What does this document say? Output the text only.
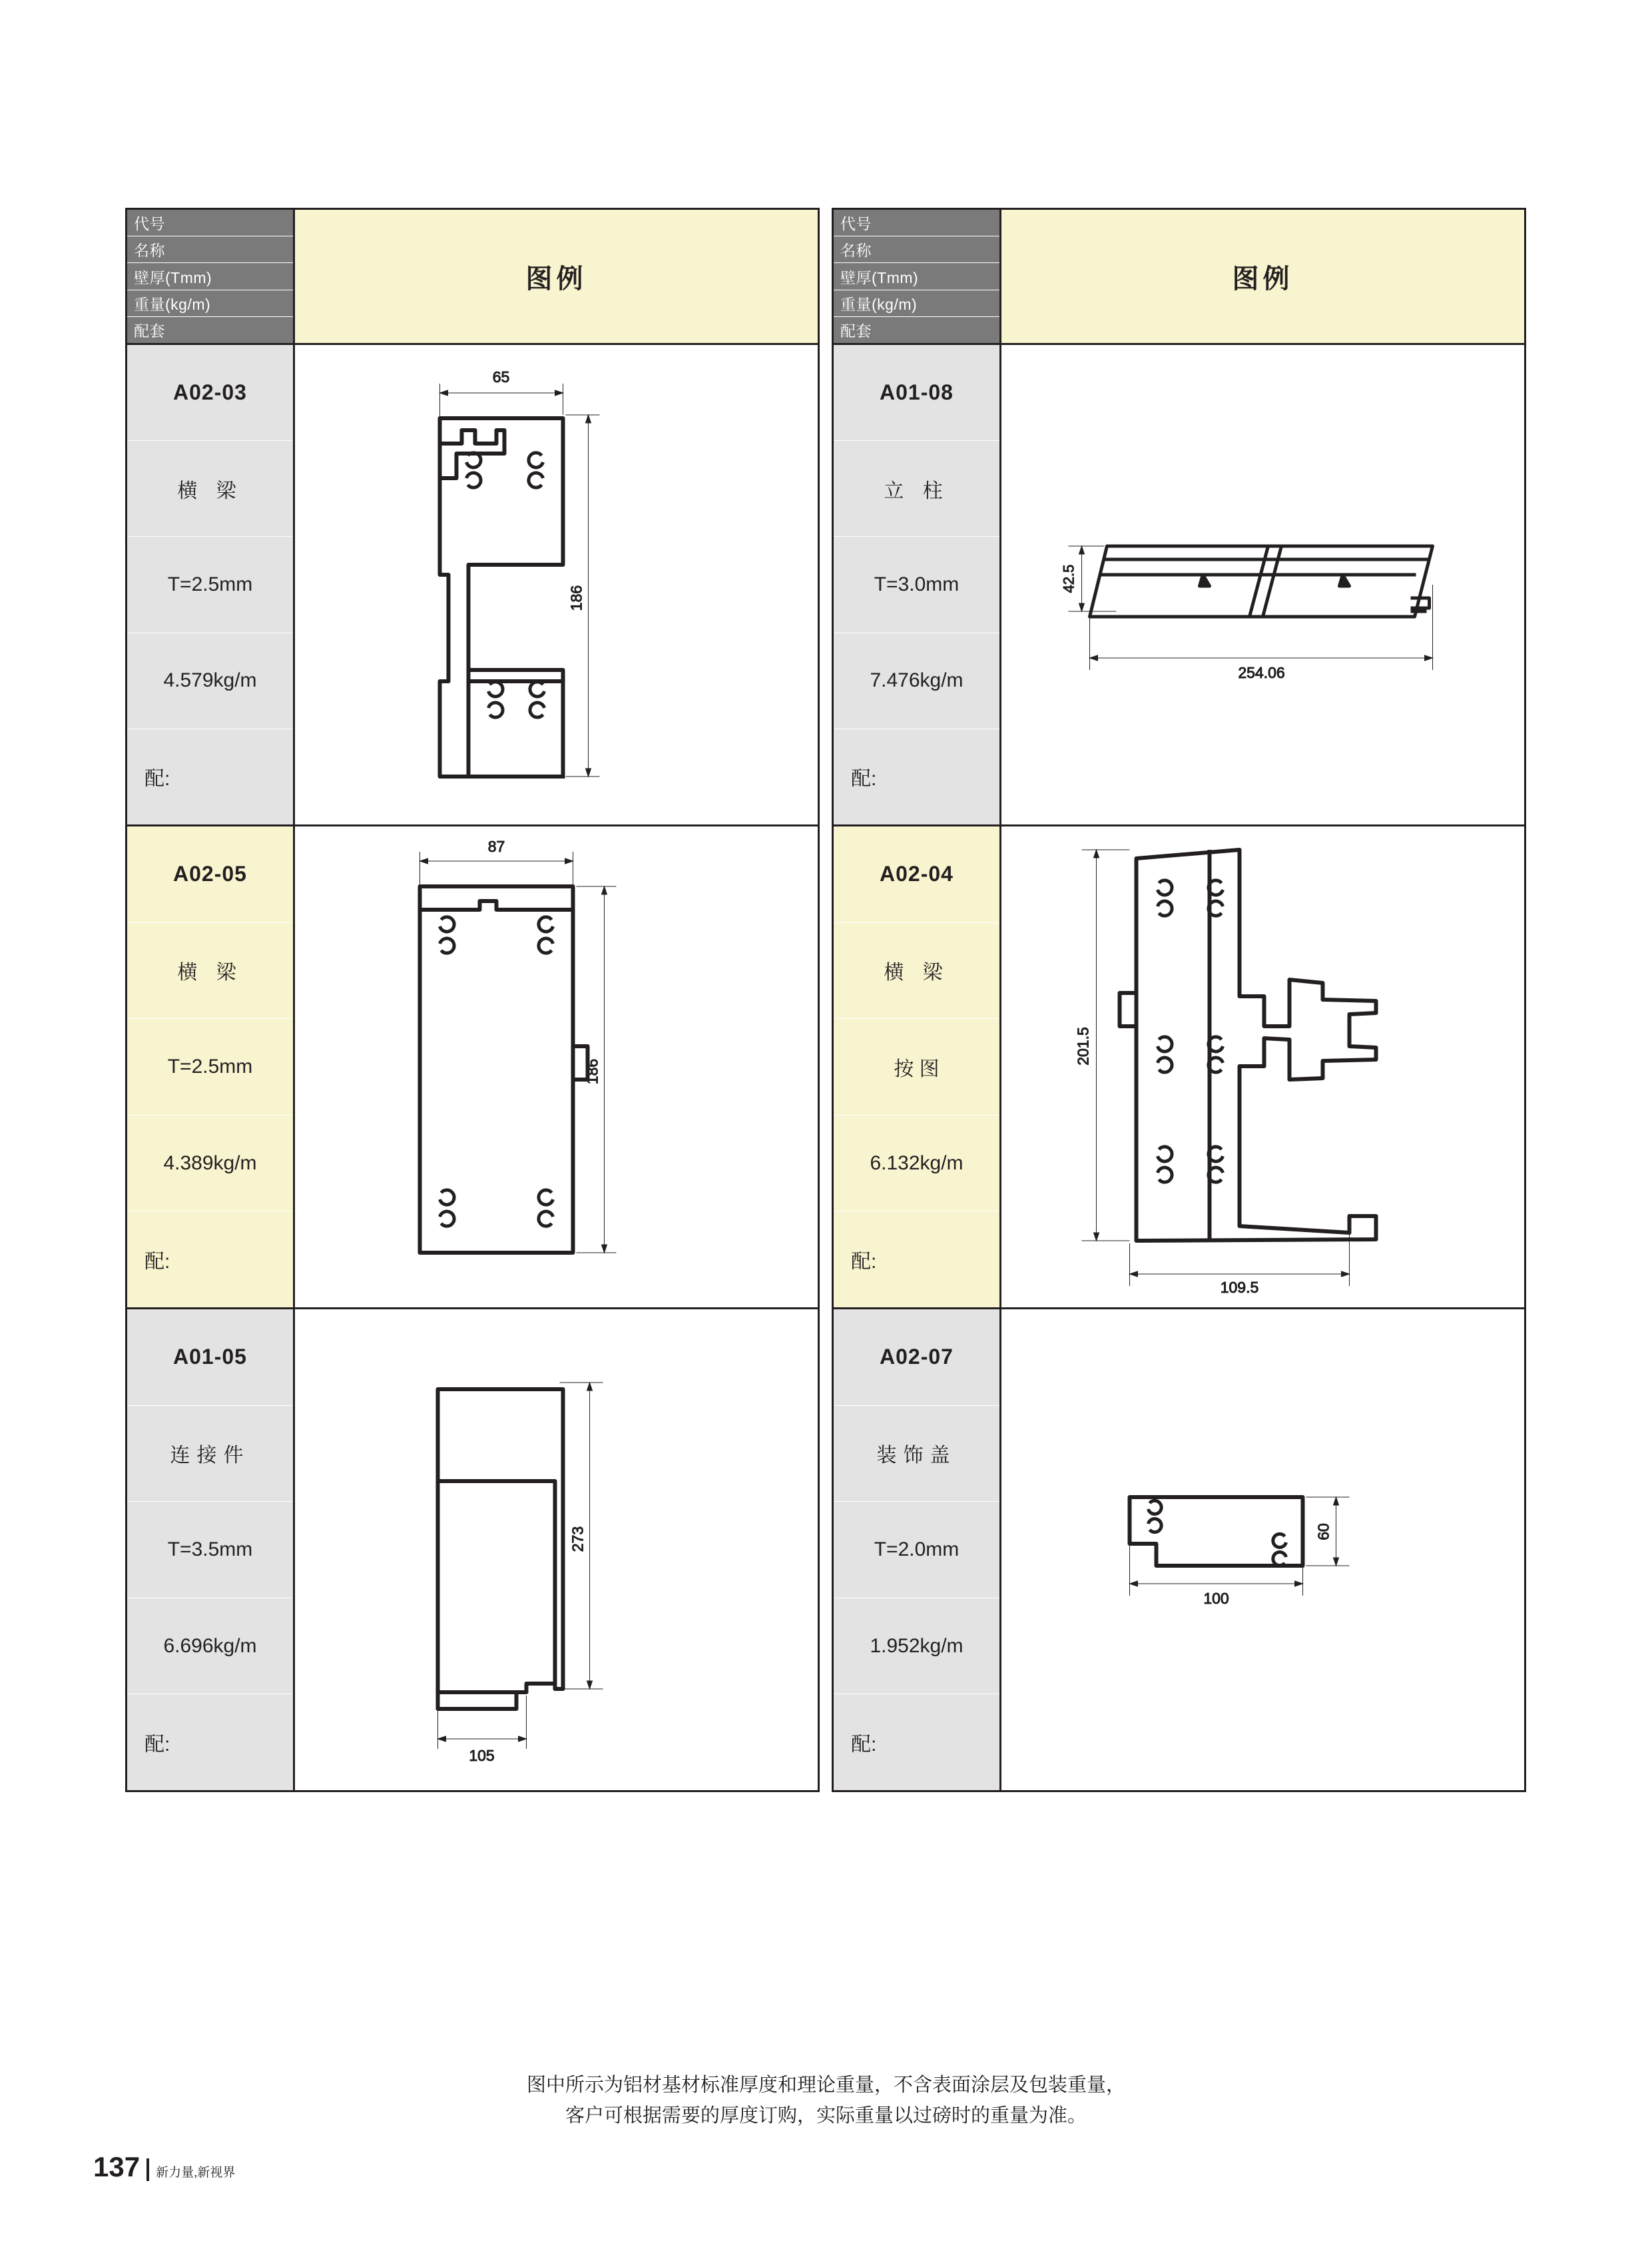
代号
名称
壁厚(Tmm)
重量(kg/m)
配套
图例
A02-03
横 梁
T=2.5mm
4.579kg/m
配:
65
186
A02-05
横 梁
T=2.5mm
4.389kg/m
配:
87
186
A01-05
连接件
T=3.5mm
6.696kg/m
配:
273
105
代号
名称
壁厚(Tmm)
重量(kg/m)
配套
图例
A01-08
立 柱
T=3.0mm
7.476kg/m
配:
42.5
254.06
A02-04
横 梁
按 图
6.132kg/m
配:
201.5
109.5
A02-07
装饰盖
T=2.0mm
1.952kg/m
配:
100
60
图中所示为铝材基材标准厚度和理论重量，不含表面涂层及包装重量，
客户可根据需要的厚度订购，实际重量以过磅时的重量为准。
137 新力量,新视界
